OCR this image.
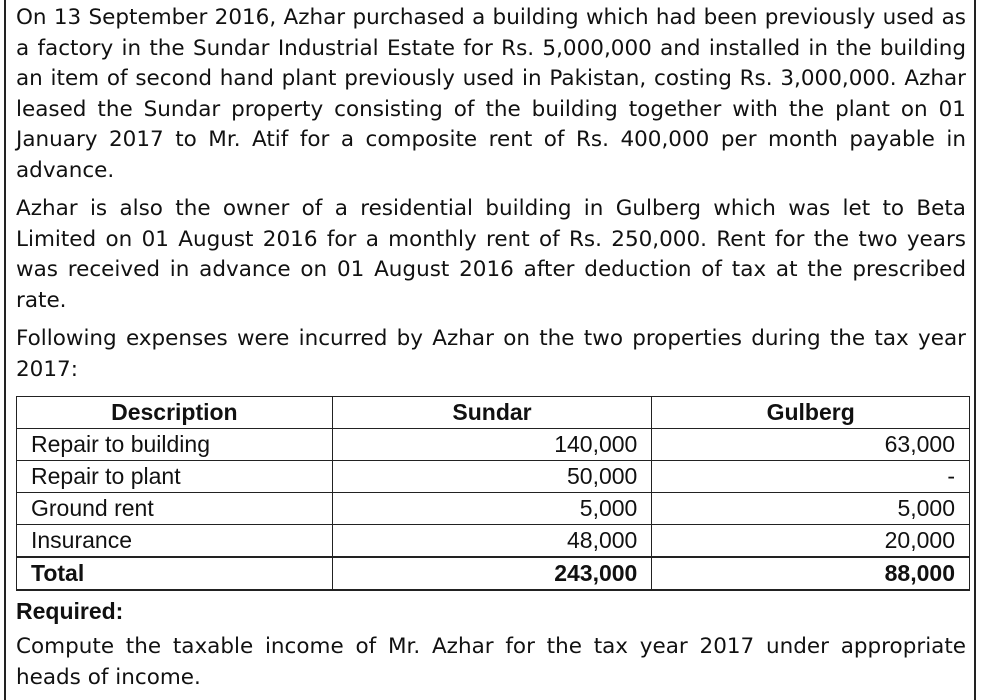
On 13 September 2016, Azhar purchased a building which had been previously used as a factory in the Sundar Industrial Estate for Rs. 5,000,000 and installed in the building an item of second hand plant previously used in Pakistan, costing Rs. 3,000,000. Azhar leased the Sundar property consisting of the building together with the plant on 01 January 2017 to Mr. Atif for a composite rent of Rs. 400,000 per month payable in advance.

Azhar is also the owner of a residential building in Gulberg which was let to Beta Limited on 01 August 2016 for a monthly rent of Rs. 250,000. Rent for the two years was received in advance on 01 August 2016 after deduction of tax at the prescribed rate.

Following expenses were incurred by Azhar on the two properties during the tax year 2017:

Description	Sundar	Gulberg
Repair to building	140,000	63,000
Repair to plant	50,000	-
Ground rent	5,000	5,000
Insurance	48,000	20,000
Total	243,000	88,000
Required:
Compute the taxable income of Mr. Azhar for the tax year 2017 under appropriate heads of income.
